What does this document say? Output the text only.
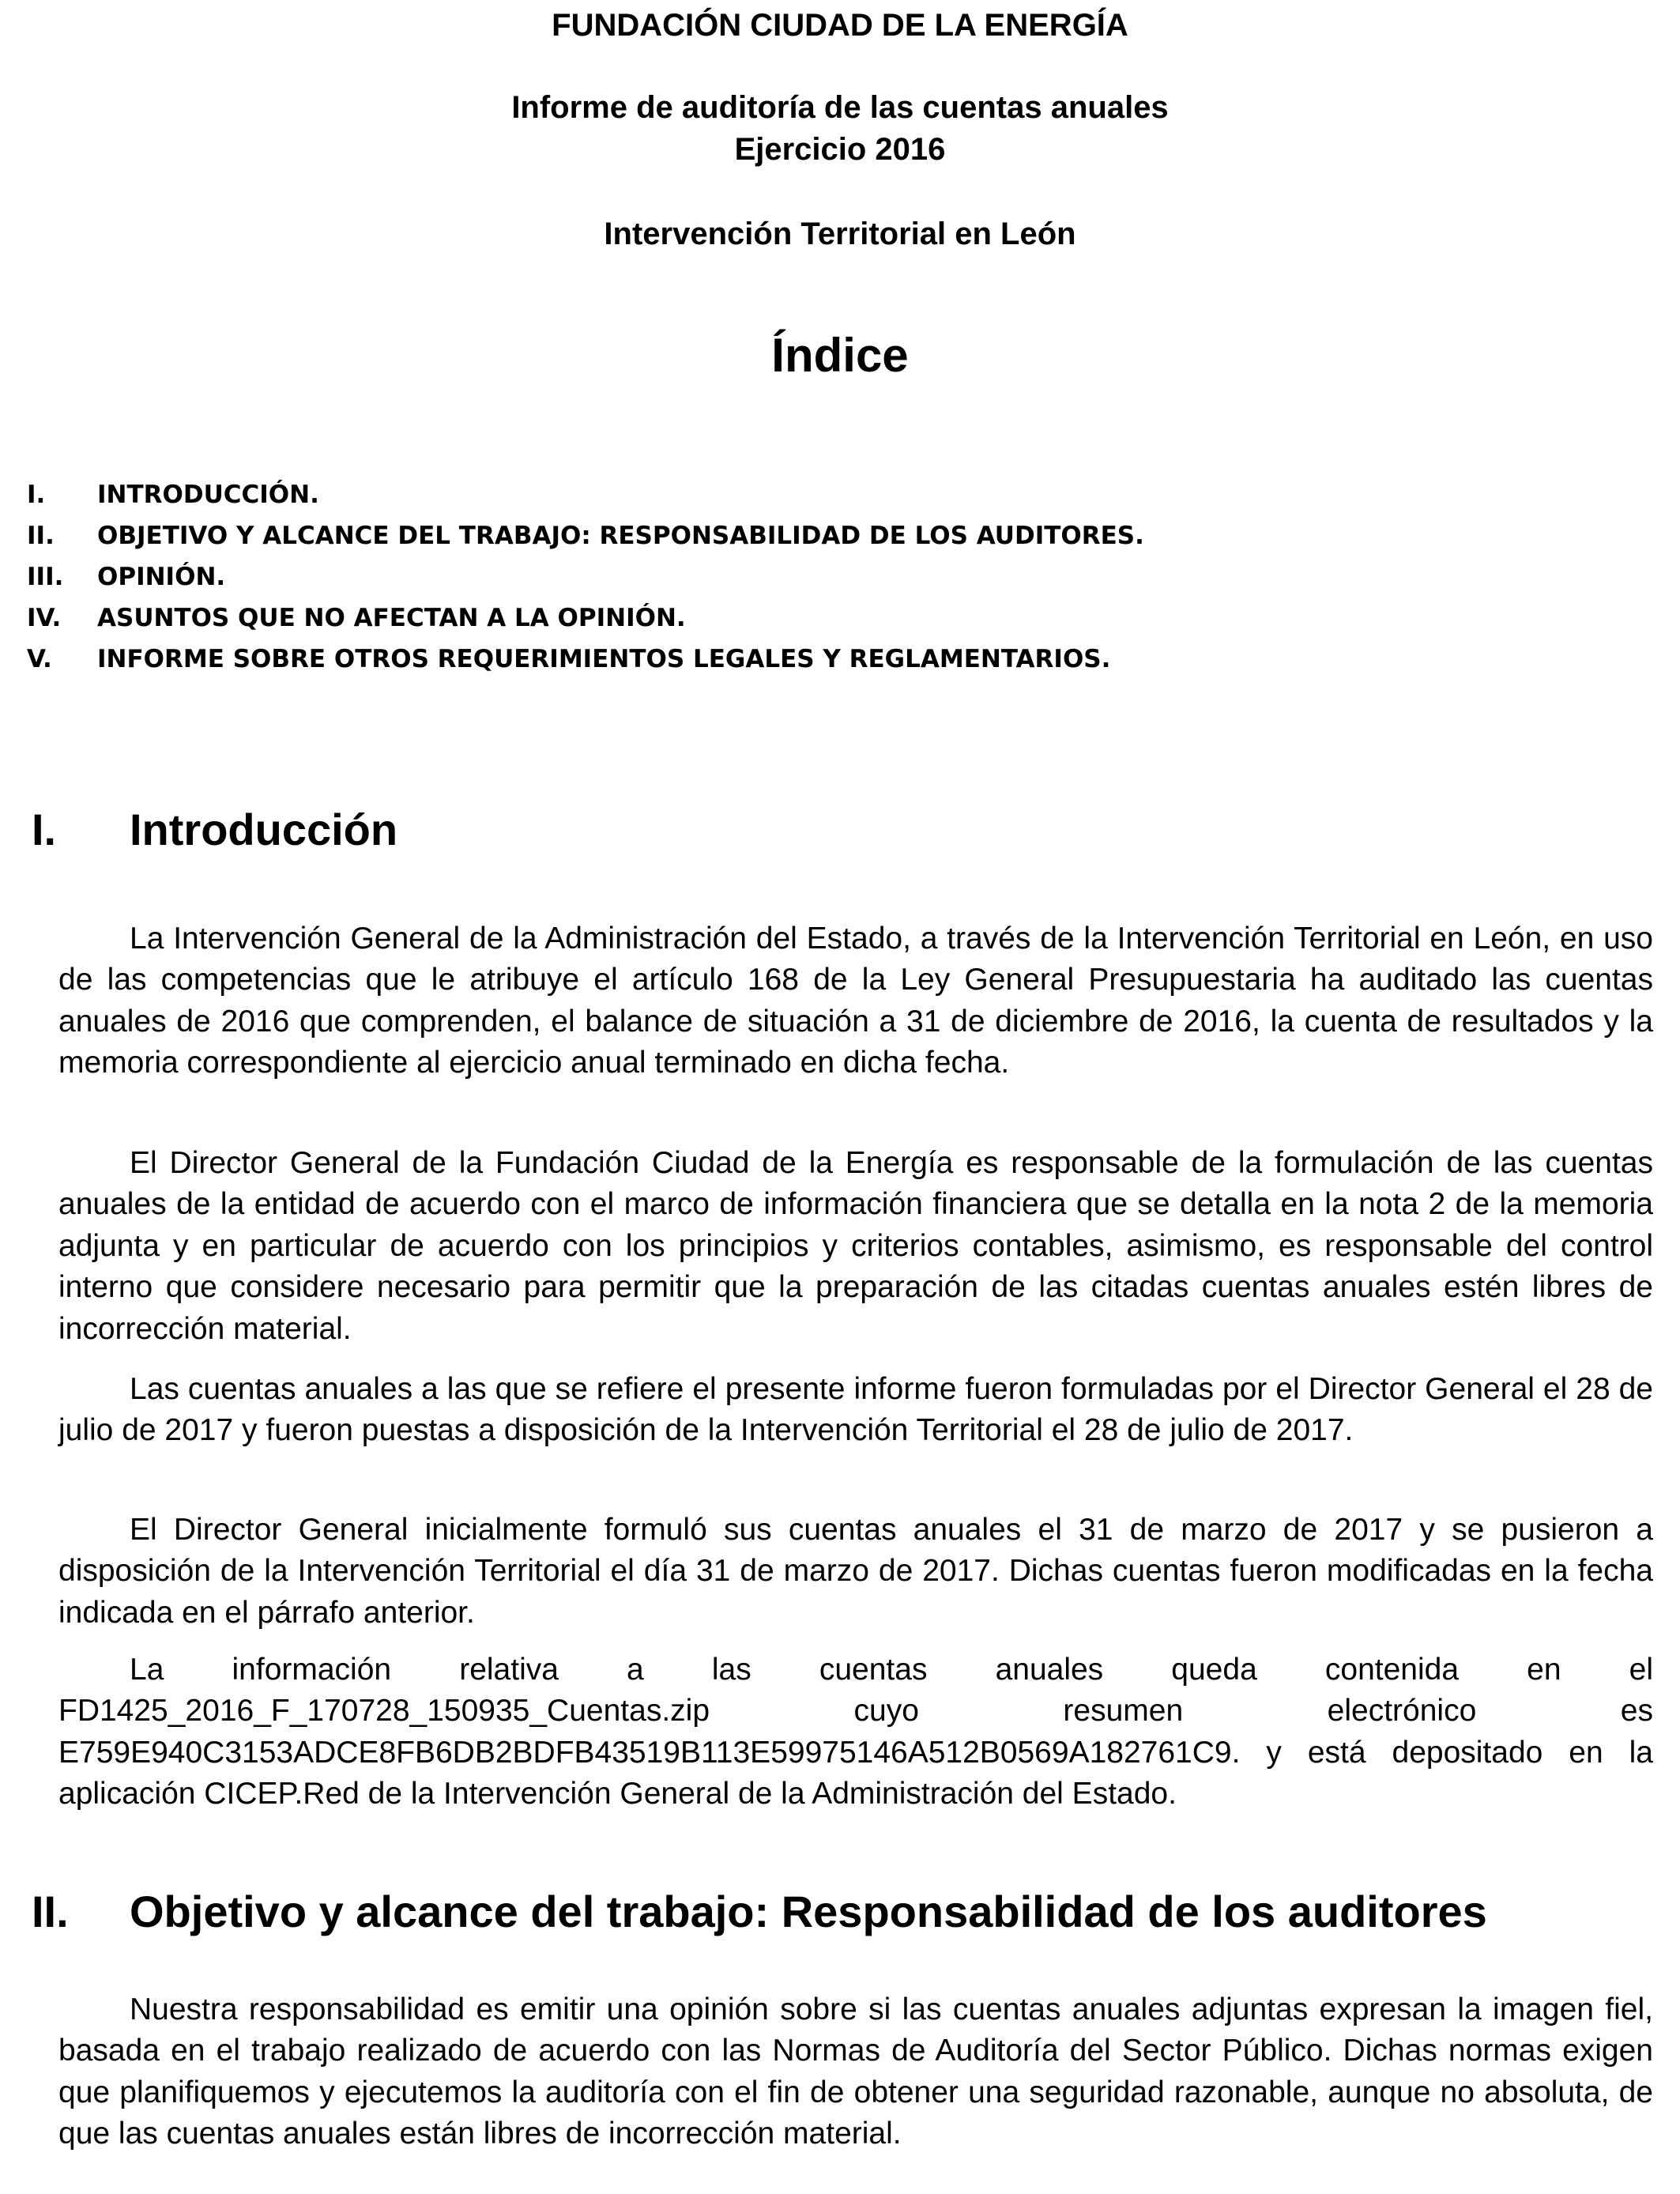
FUNDACIÓN CIUDAD DE LA ENERGÍA
Informe de auditoría de las cuentas anuales
Ejercicio 2016
Intervención Territorial en León
Índice
I. INTRODUCCIÓN.
II. OBJETIVO Y ALCANCE DEL TRABAJO: RESPONSABILIDAD DE LOS AUDITORES.
III. OPINIÓN.
IV. ASUNTOS QUE NO AFECTAN A LA OPINIÓN.
V. INFORME SOBRE OTROS REQUERIMIENTOS LEGALES Y REGLAMENTARIOS.
I. Introducción

La Intervención General de la Administración del Estado, a través de la Intervención Territorial en León, en uso de las competencias que le atribuye el artículo 168 de la Ley General Presupuestaria ha auditado las cuentas anuales de 2016 que comprenden, el balance de situación a 31 de diciembre de 2016, la cuenta de resultados y la memoria correspondiente al ejercicio anual terminado en dicha fecha.

El Director General de la Fundación Ciudad de la Energía es responsable de la formulación de las cuentas anuales de la entidad de acuerdo con el marco de información financiera que se detalla en la nota 2 de la memoria adjunta y en particular de acuerdo con los principios y criterios contables, asimismo, es responsable del control interno que considere necesario para permitir que la preparación de las citadas cuentas anuales estén libres de incorrección material.

Las cuentas anuales a las que se refiere el presente informe fueron formuladas por el Director General el 28 de julio de 2017 y fueron puestas a disposición de la Intervención Territorial el 28 de julio de 2017.

El Director General inicialmente formuló sus cuentas anuales el 31 de marzo de 2017 y se pusieron a disposición de la Intervención Territorial el día 31 de marzo de 2017. Dichas cuentas fueron modificadas en la fecha indicada en el párrafo anterior.

La información relativa a las cuentas anuales queda contenida en el FD1425_2016_F_170728_150935_Cuentas.zip cuyo resumen electrónico es E759E940C3153ADCE8FB6DB2BDFB43519B113E59975146A512B0569A182761C9. y está depositado en la aplicación CICEP.Red de la Intervención General de la Administración del Estado.

II. Objetivo y alcance del trabajo: Responsabilidad de los auditores

Nuestra responsabilidad es emitir una opinión sobre si las cuentas anuales adjuntas expresan la imagen fiel, basada en el trabajo realizado de acuerdo con las Normas de Auditoría del Sector Público. Dichas normas exigen que planifiquemos y ejecutemos la auditoría con el fin de obtener una seguridad razonable, aunque no absoluta, de que las cuentas anuales están libres de incorrección material.
